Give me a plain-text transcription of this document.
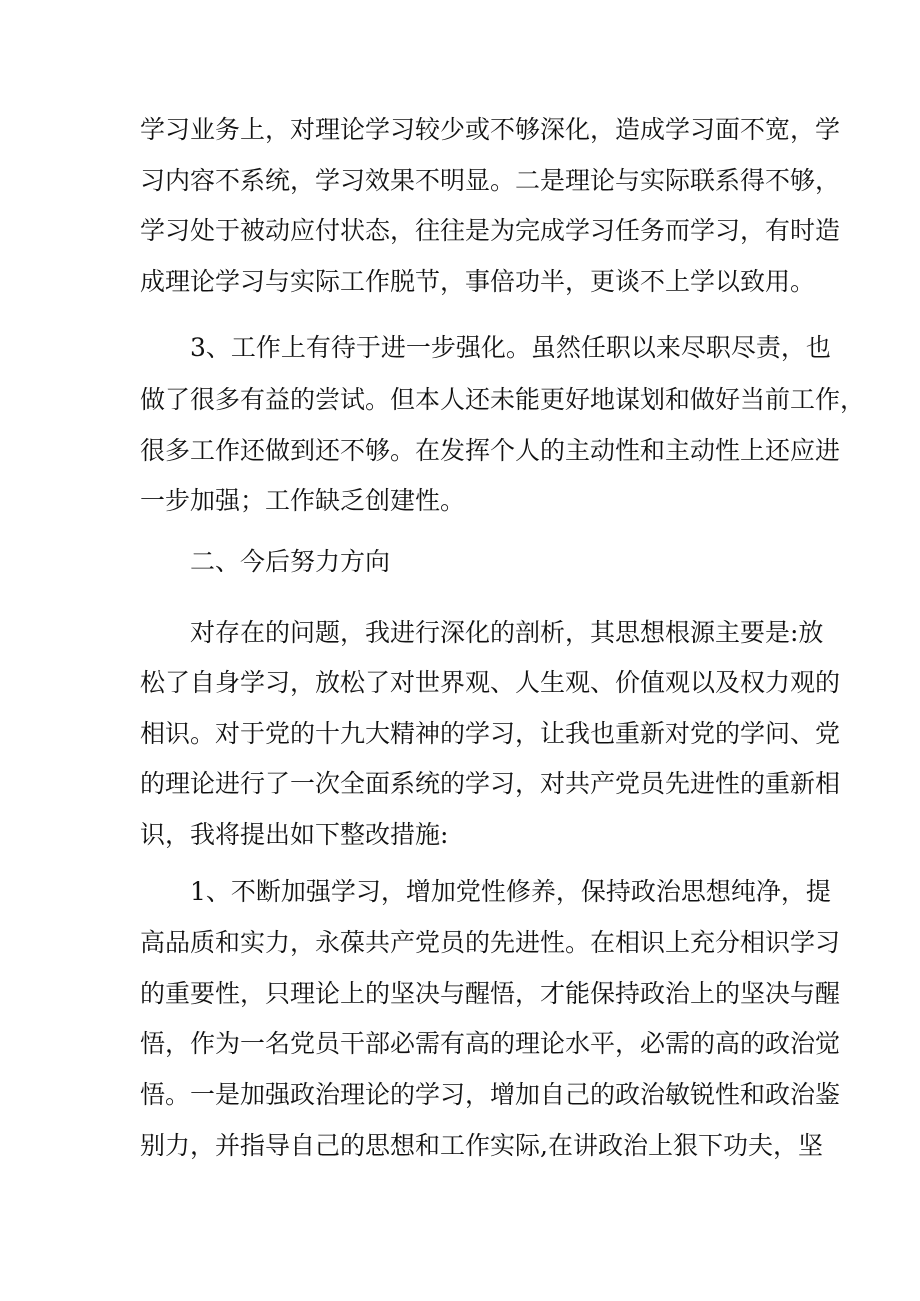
学习业务上，对理论学习较少或不够深化，造成学习面不宽，学
习内容不系统，学习效果不明显。二是理论与实际联系得不够，
学习处于被动应付状态，往往是为完成学习任务而学习，有时造
成理论学习与实际工作脱节，事倍功半，更谈不上学以致用。
3、工作上有待于进一步强化。虽然任职以来尽职尽责，也
做了很多有益的尝试。但本人还未能更好地谋划和做好当前工作，
很多工作还做到还不够。在发挥个人的主动性和主动性上还应进
一步加强；工作缺乏创建性。
二、今后努力方向
对存在的问题，我进行深化的剖析，其思想根源主要是:放
松了自身学习，放松了对世界观、人生观、价值观以及权力观的
相识。对于党的十九大精神的学习，让我也重新对党的学问、党
的理论进行了一次全面系统的学习，对共产党员先进性的重新相
识，我将提出如下整改措施:
1、不断加强学习，增加党性修养，保持政治思想纯净，提
高品质和实力，永葆共产党员的先进性。在相识上充分相识学习
的重要性，只理论上的坚决与醒悟，才能保持政治上的坚决与醒
悟，作为一名党员干部必需有高的理论水平，必需的高的政治觉
悟。一是加强政治理论的学习，增加自己的政治敏锐性和政治鉴
别力，并指导自己的思想和工作实际,在讲政治上狠下功夫，坚
